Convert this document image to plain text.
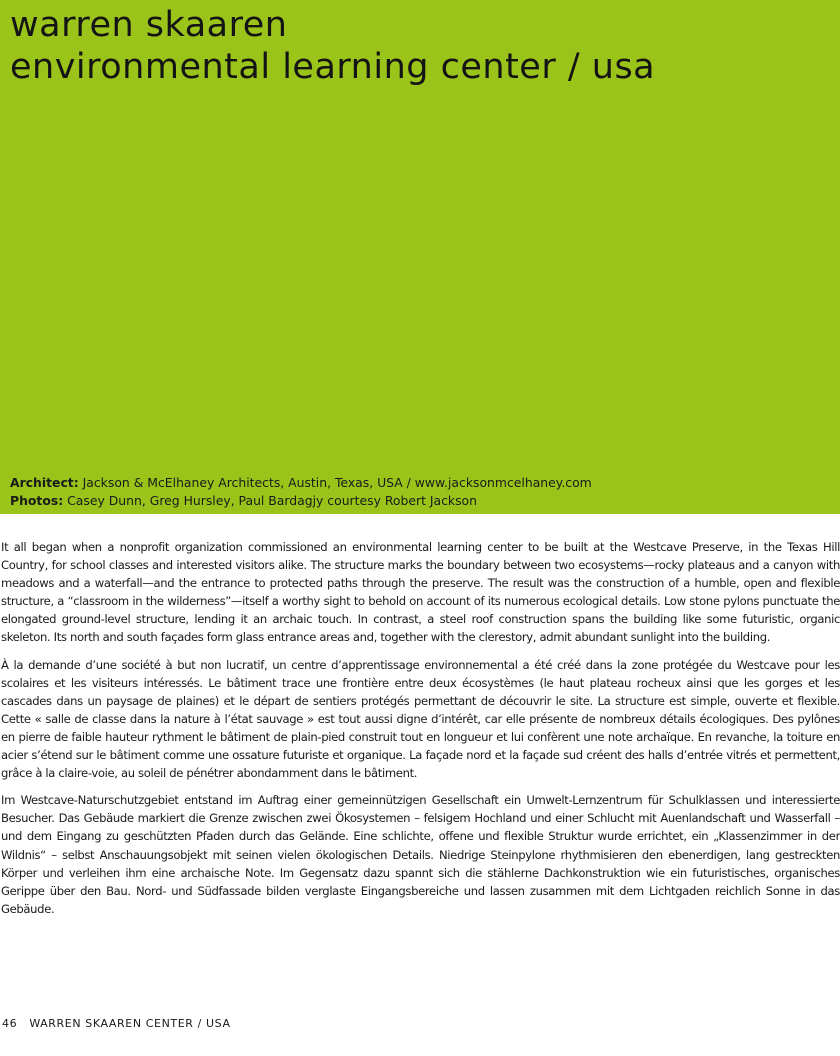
warren skaaren
environmental learning center / usa
Architect: Jackson & McElhaney Architects, Austin, Texas, USA / www.jacksonmcelhaney.com
Photos: Casey Dunn, Greg Hursley, Paul Bardagjy courtesy Robert Jackson

It all began when a nonprofit organization commissioned an environmental learning center to be built at the Westcave Preserve, in the Texas Hill Country, for school classes and interested visitors alike. The structure marks the boundary between two ecosystems—rocky plateaus and a canyon with meadows and a waterfall—and the entrance to protected paths through the preserve. The result was the construction of a humble, open and flexible structure, a “classroom in the wilderness”—itself a worthy sight to behold on account of its numerous ecological details. Low stone pylons punctuate the elongated ground-level structure, lending it an archaic touch. In contrast, a steel roof construction spans the building like some futuristic, organic skeleton. Its north and south façades form glass entrance areas and, together with the clerestory, admit abundant sunlight into the building.

À la demande d’une société à but non lucratif, un centre d’apprentissage environnemental a été créé dans la zone protégée du Westcave pour les scolaires et les visiteurs intéressés. Le bâtiment trace une frontière entre deux écosystèmes (le haut plateau rocheux ainsi que les gorges et les cascades dans un paysage de plaines) et le départ de sentiers protégés permettant de découvrir le site. La structure est simple, ouverte et flexible. Cette « salle de classe dans la nature à l’état sauvage » est tout aussi digne d’intérêt, car elle présente de nombreux détails écologiques. Des pylônes en pierre de faible hauteur rythment le bâtiment de plain-pied construit tout en longueur et lui confèrent une note archaïque. En revanche, la toiture en acier s’étend sur le bâtiment comme une ossature futuriste et organique. La façade nord et la façade sud créent des halls d’entrée vitrés et permettent, grâce à la claire-voie, au soleil de pénétrer abondamment dans le bâtiment.

Im Westcave-Naturschutzgebiet entstand im Auftrag einer gemeinnützigen Gesellschaft ein Umwelt-Lernzentrum für Schulklassen und interessierte Besucher. Das Gebäude markiert die Grenze zwischen zwei Ökosystemen – felsigem Hochland und einer Schlucht mit Auenlandschaft und Wasserfall – und dem Eingang zu geschützten Pfaden durch das Gelände. Eine schlichte, offene und flexible Struktur wurde errichtet, ein „Klassenzimmer in der Wildnis“ – selbst Anschauungsobjekt mit seinen vielen ökologischen Details. Niedrige Steinpylone rhythmisieren den ebenerdigen, lang gestreckten Körper und verleihen ihm eine archaische Note. Im Gegensatz dazu spannt sich die stählerne Dachkonstruktion wie ein futuristisches, organisches Gerippe über den Bau. Nord- und Südfassade bilden verglaste Eingangsbereiche und lassen zusammen mit dem Lichtgaden reichlich Sonne in das Gebäude.

46 WARREN SKAAREN CENTER / USA
